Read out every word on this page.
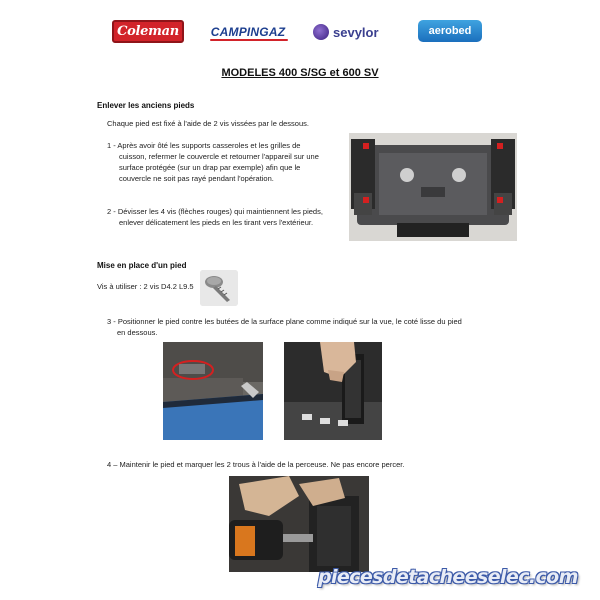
Coleman	CAMPINGAZ	sevylor	aerobed
MODELES 400 S/SG et 600 SV
Enlever les anciens pieds
Chaque pied est fixé à l'aide de 2 vis vissées par le dessous.
1 - Après avoir ôté les supports casseroles et les grilles de
cuisson, refermer le couvercle et retourner l'appareil sur une
surface protégée (sur un drap par exemple) afin que le
couvercle ne soit pas rayé pendant l'opération.
2 - Dévisser les 4 vis (flèches rouges) qui maintiennent les pieds,
enlever délicatement les pieds en les tirant vers l'extérieur.
Mise en place d'un pied
Vis à utiliser : 2 vis D4.2 L9.5
3 - Positionner le pied contre les butées de la surface plane comme indiqué sur la vue, le coté lisse du pied
en dessous.
4 – Maintenir le pied et marquer les 2 trous à l'aide de la perceuse. Ne pas encore percer.
piecesdetacheeselec.com
